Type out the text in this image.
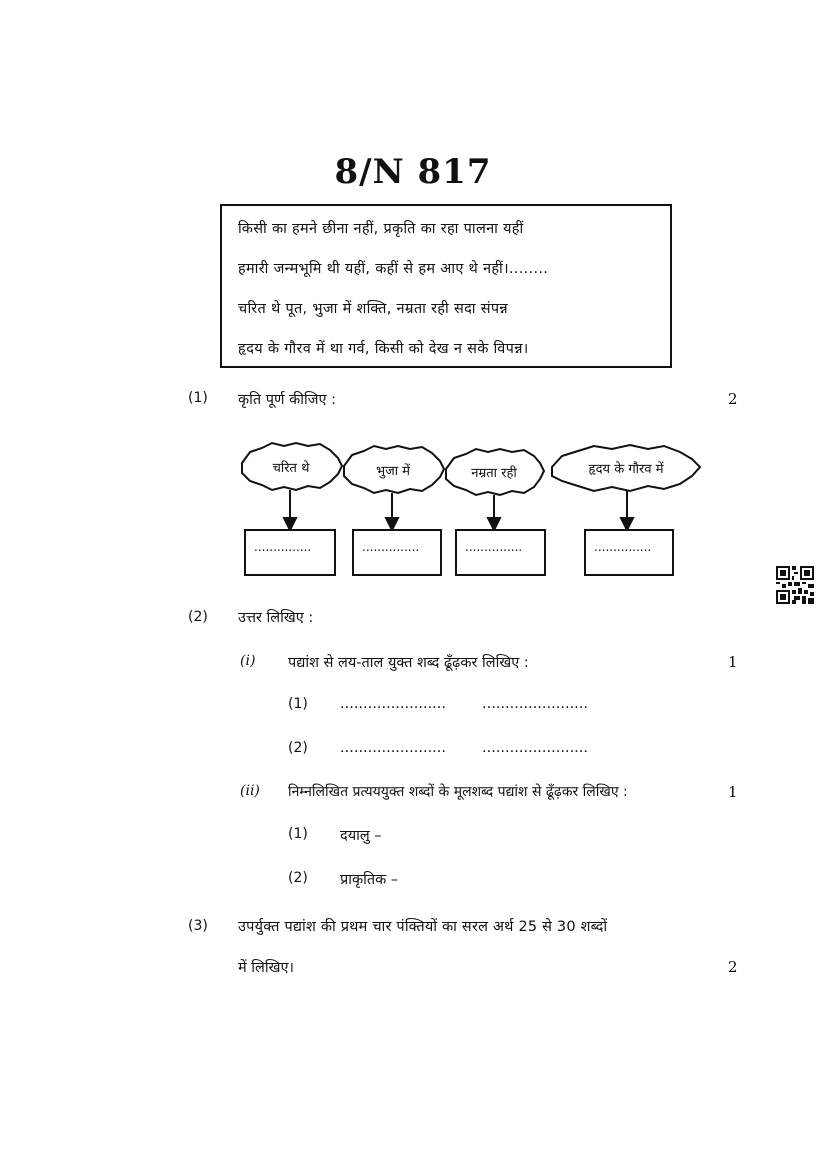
8/N 817
किसी का हमने छीना नहीं, प्रकृति का रहा पालना यहीं
हमारी जन्मभूमि थी यहीं, कहीं से हम आए थे नहीं।........
चरित थे पूत, भुजा में शक्ति, नम्रता रही सदा संपन्न
हृदय के गौरव में था गर्व, किसी को देख न सके विपन्न।
(1) कृति पूर्ण कीजिए :	2
चरित थे	भुजा में	नम्रता रही	हृदय के गौरव में
...............	...............	...............	...............
(2) उत्तर लिखिए :
(i) पद्यांश से लय-ताल युक्त शब्द ढूँढ़कर लिखिए :	1
(1) ....................... .......................
(2) ....................... .......................
(ii) निम्नलिखित प्रत्यययुक्त शब्दों के मूलशब्द पद्यांश से ढूँढ़कर लिखिए :	1
(1) दयालु –
(2) प्राकृतिक –
(3) उपर्युक्त पद्यांश की प्रथम चार पंक्तियों का सरल अर्थ 25 से 30 शब्दों
में लिखिए।	2
